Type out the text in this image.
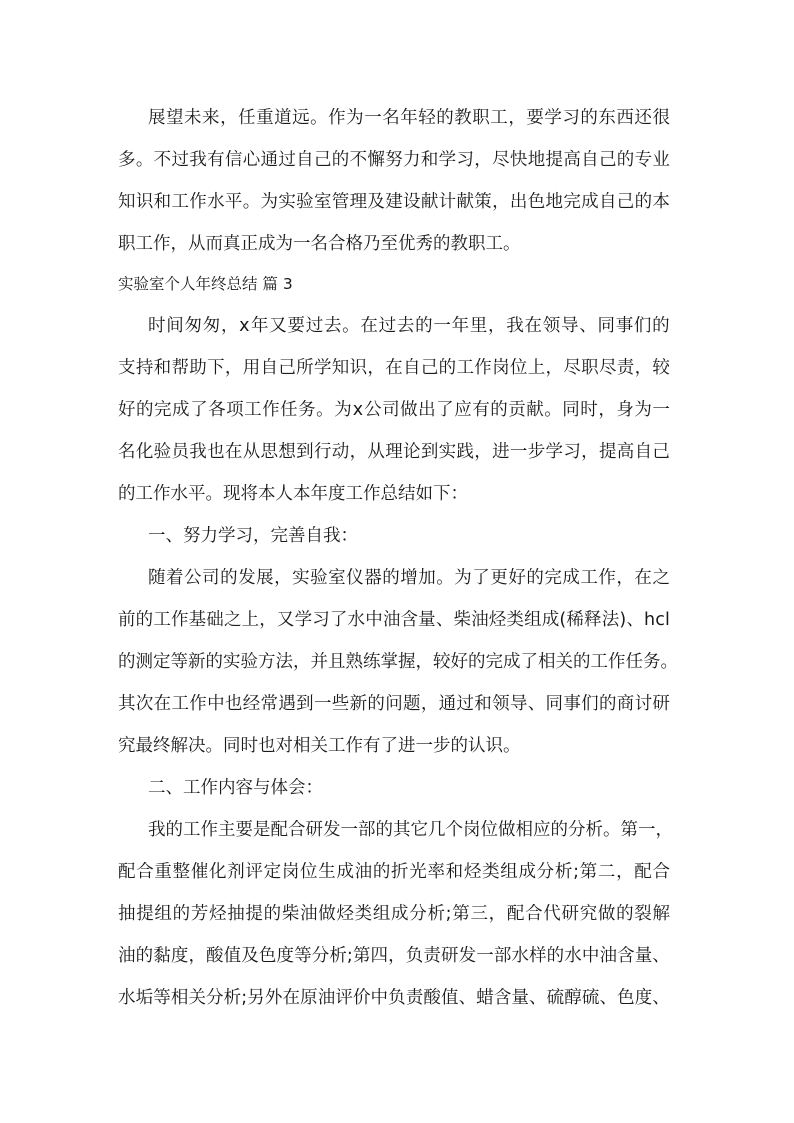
展 望 未 来 ， 任 重 道 远 。 作 为 一 名 年 轻 的 教 职 工 ， 要 学 习 的 东 西 还 很
多 。 不 过 我 有 信 心 通 过 自 己 的 不 懈 努 力 和 学 习 ， 尽 快 地 提 高 自 己 的 专 业
知 识 和 工 作 水 平 。 为 实 验 室 管 理 及 建 设 献 计 献 策 ， 出 色 地 完 成 自 己 的 本
职工作，从而真正成为一名合格乃至优秀的教职工。
实验室个人年终总结 篇 3
时 间 匆 匆 ， x 年 又 要 过 去 。 在 过 去 的 一 年 里 ， 我 在 领 导 、 同 事 们 的
支 持 和 帮 助 下 ， 用 自 己 所 学 知 识 ， 在 自 己 的 工 作 岗 位 上 ， 尽 职 尽 责 ， 较
好 的 完 成 了 各 项 工 作 任 务 。 为 x 公 司 做 出 了 应 有 的 贡 献 。 同 时 ， 身 为 一
名 化 验 员 我 也 在 从 思 想 到 行 动 ， 从 理 论 到 实 践 ， 进 一 步 学 习 ， 提 高 自 己
的工作水平。现将本人本年度工作总结如下：
一、努力学习，完善自我：
随 着 公 司 的 发 展 ， 实 验 室 仪 器 的 增 加 。 为 了 更 好 的 完 成 工 作 ， 在 之
前 的 工 作 基 础 之 上 ， 又 学 习 了 水 中 油 含 量 、 柴 油 烃 类 组 成 ( 稀 释 法 ) 、 h c l
的 测 定 等 新 的 实 验 方 法 ， 并 且 熟 练 掌 握 ， 较 好 的 完 成 了 相 关 的 工 作 任 务 。
其 次 在 工 作 中 也 经 常 遇 到 一 些 新 的 问 题 ， 通 过 和 领 导 、 同 事 们 的 商 讨 研
究最终解决。同时也对相关工作有了进一步的认识。
二、工作内容与体会：
我 的 工 作 主 要 是 配 合 研 发 一 部 的 其 它 几 个 岗 位 做 相 应 的 分 析 。 第 一 ，
配 合 重 整 催 化 剂 评 定 岗 位 生 成 油 的 折 光 率 和 烃 类 组 成 分 析 ; 第 二 ， 配 合
抽 提 组 的 芳 烃 抽 提 的 柴 油 做 烃 类 组 成 分 析 ; 第 三 ， 配 合 代 研 究 做 的 裂 解
油 的 黏 度 ， 酸 值 及 色 度 等 分 析 ; 第 四 ， 负 责 研 发 一 部 水 样 的 水 中 油 含 量 、
水 垢 等 相 关 分 析 ; 另 外 在 原 油 评 价 中 负 责 酸 值 、 蜡 含 量 、 硫 醇 硫 、 色 度 、
